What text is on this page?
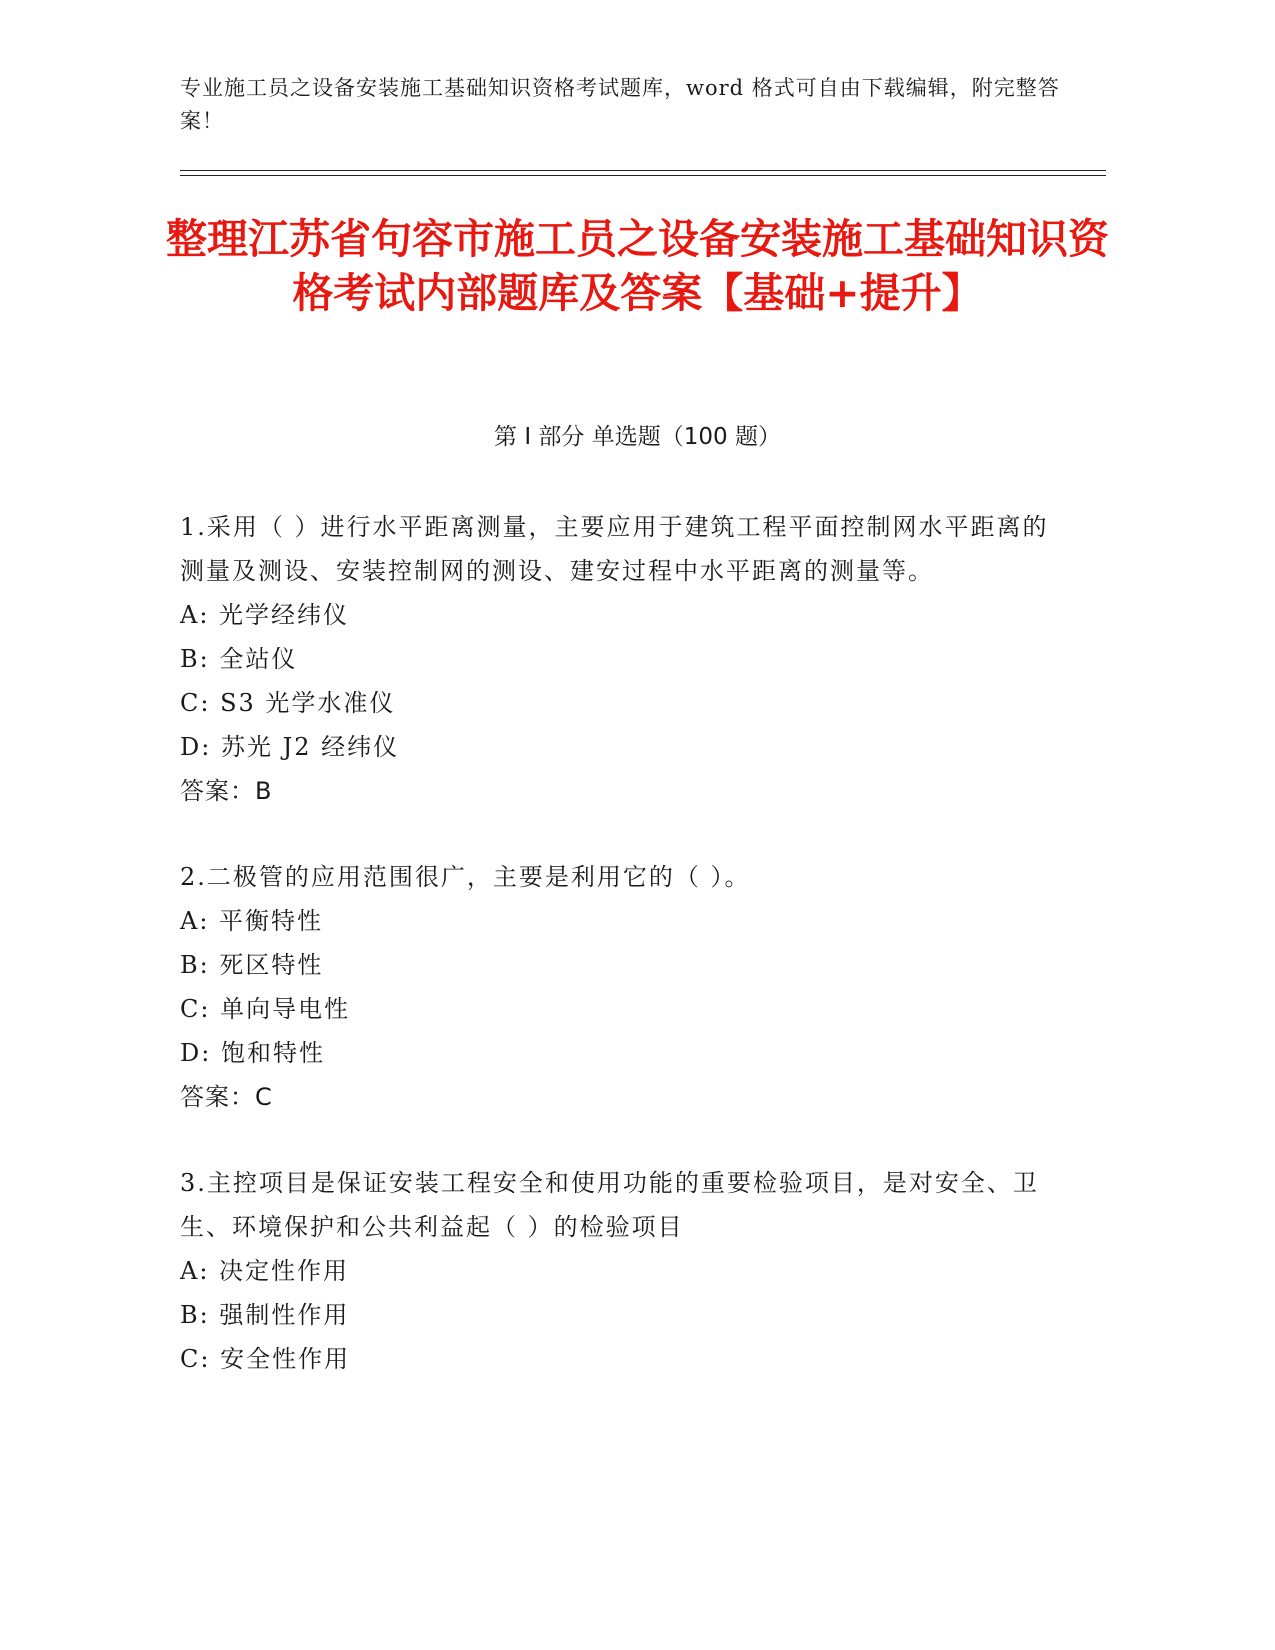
专业施工员之设备安装施工基础知识资格考试题库，word 格式可自由下载编辑，附完整答案！
整理江苏省句容市施工员之设备安装施工基础知识资格考试内部题库及答案【基础+提升】
第 I 部分 单选题（100 题）
1.采用（ ）进行水平距离测量，主要应用于建筑工程平面控制网水平距离的测量及测设、安装控制网的测设、建安过程中水平距离的测量等。
A: 光学经纬仪
B: 全站仪
C: S3 光学水准仪
D: 苏光 J2 经纬仪
答案：B
2.二极管的应用范围很广，主要是利用它的（ ）。
A: 平衡特性
B: 死区特性
C: 单向导电性
D: 饱和特性
答案：C
3.主控项目是保证安装工程安全和使用功能的重要检验项目，是对安全、卫生、环境保护和公共利益起（ ）的检验项目
A: 决定性作用
B: 强制性作用
C: 安全性作用
